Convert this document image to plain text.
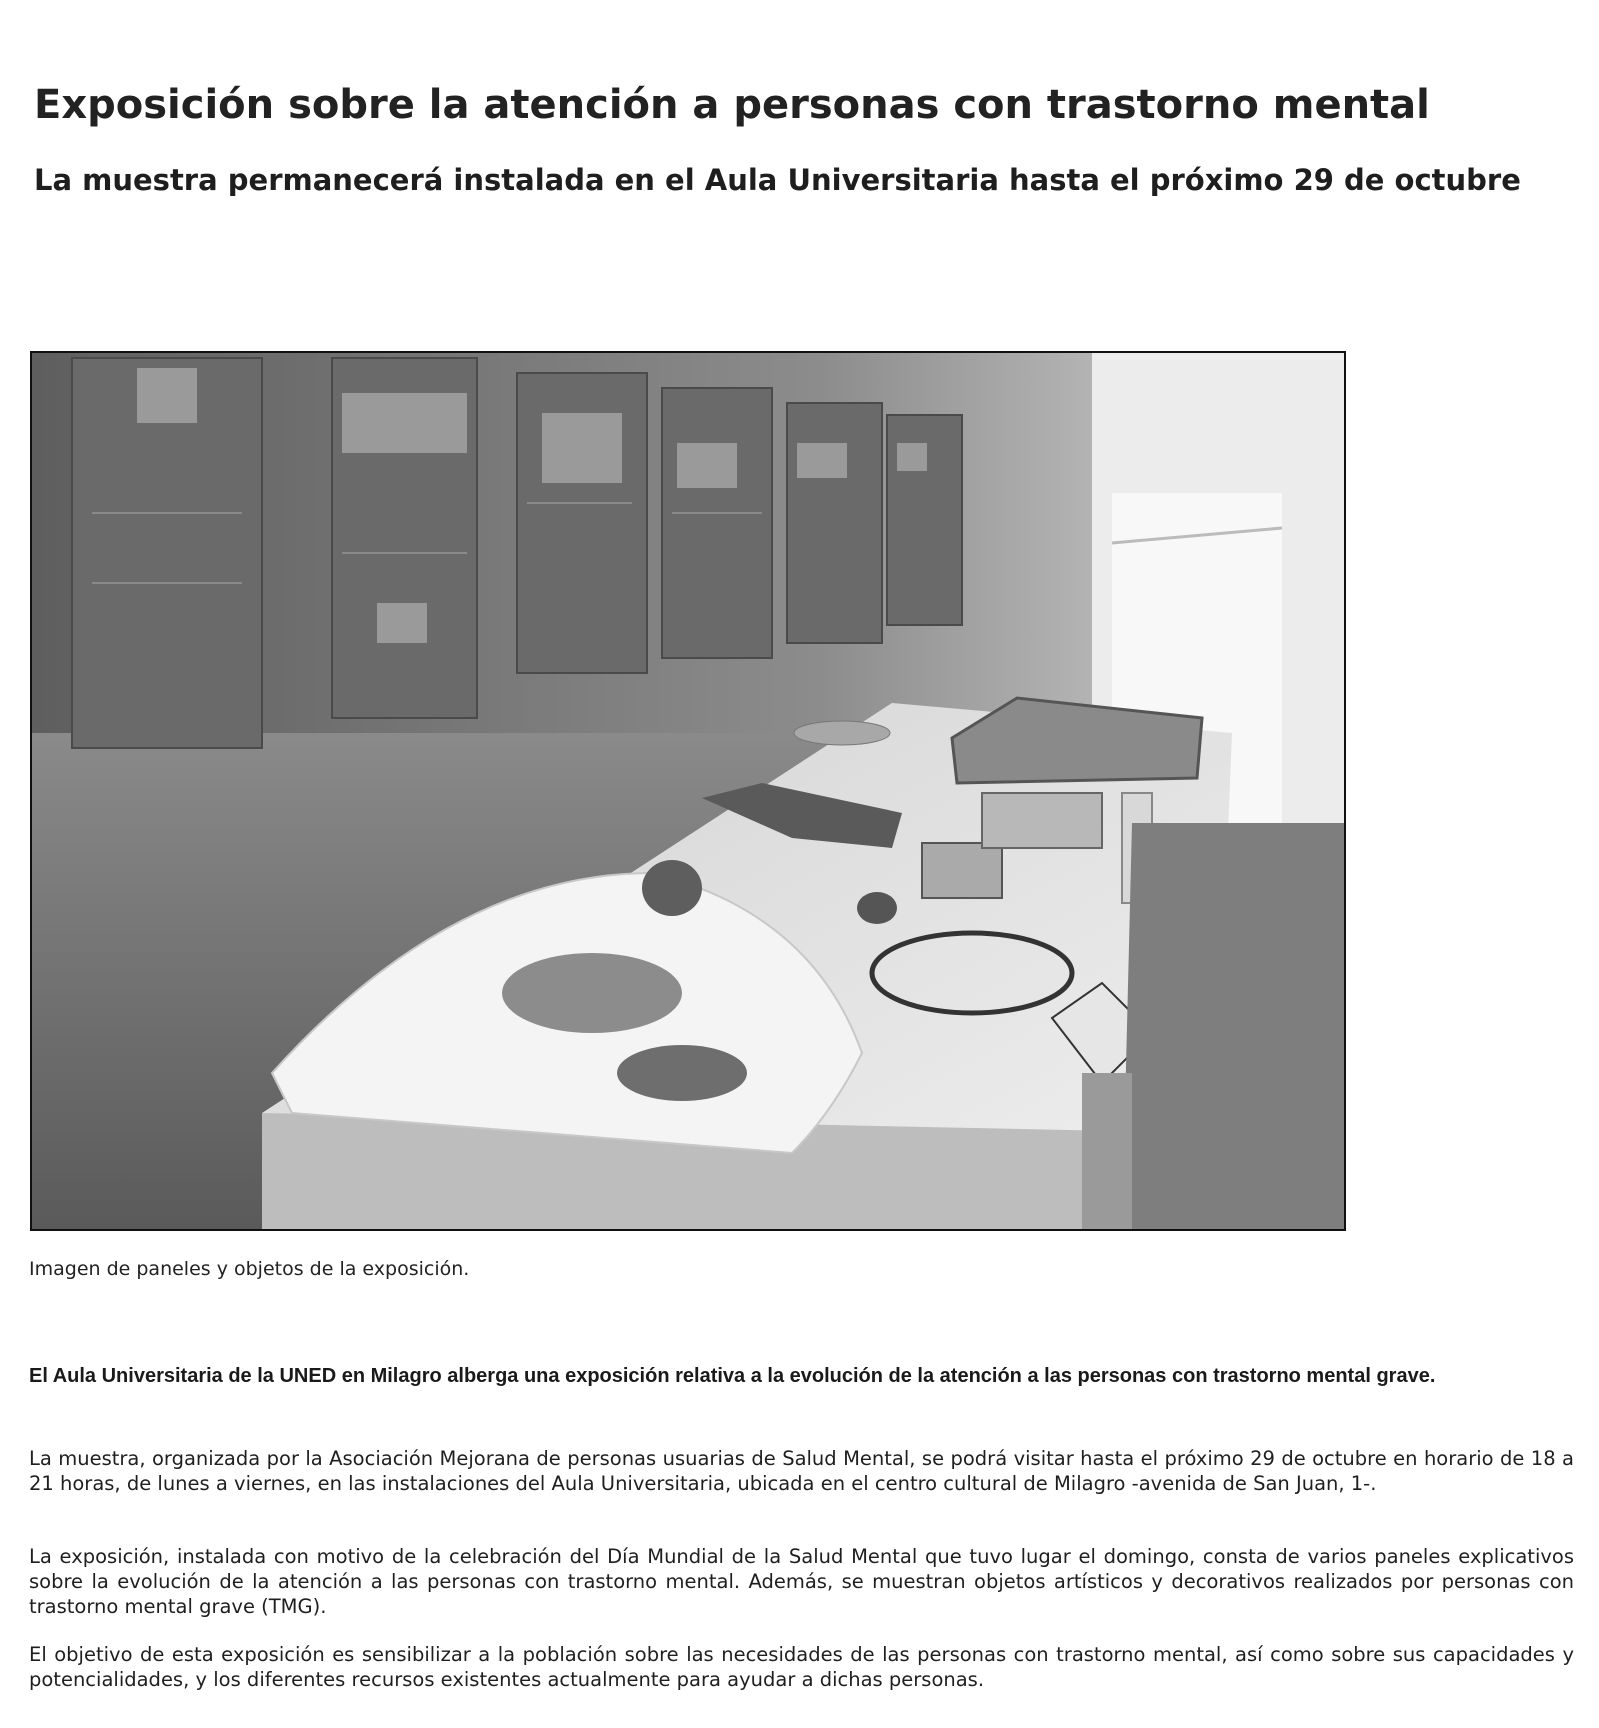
Exposición sobre la atención a personas con trastorno mental
La muestra permanecerá instalada en el Aula Universitaria hasta el próximo 29 de octubre

Imagen de paneles y objetos de la exposición.

El Aula Universitaria de la UNED en Milagro alberga una exposición relativa a la evolución de la atención a las personas con trastorno mental grave.

La muestra, organizada por la Asociación Mejorana de personas usuarias de Salud Mental, se podrá visitar hasta el próximo 29 de octubre en horario de 18 a 21 horas, de lunes a viernes, en las instalaciones del Aula Universitaria, ubicada en el centro cultural de Milagro -avenida de San Juan, 1-.

La exposición, instalada con motivo de la celebración del Día Mundial de la Salud Mental que tuvo lugar el domingo, consta de varios paneles explicativos sobre la evolución de la atención a las personas con trastorno mental. Además, se muestran objetos artísticos y decorativos realizados por personas con trastorno mental grave (TMG).

El objetivo de esta exposición es sensibilizar a la población sobre las necesidades de las personas con trastorno mental, así como sobre sus capacidades y potencialidades, y los diferentes recursos existentes actualmente para ayudar a dichas personas.
